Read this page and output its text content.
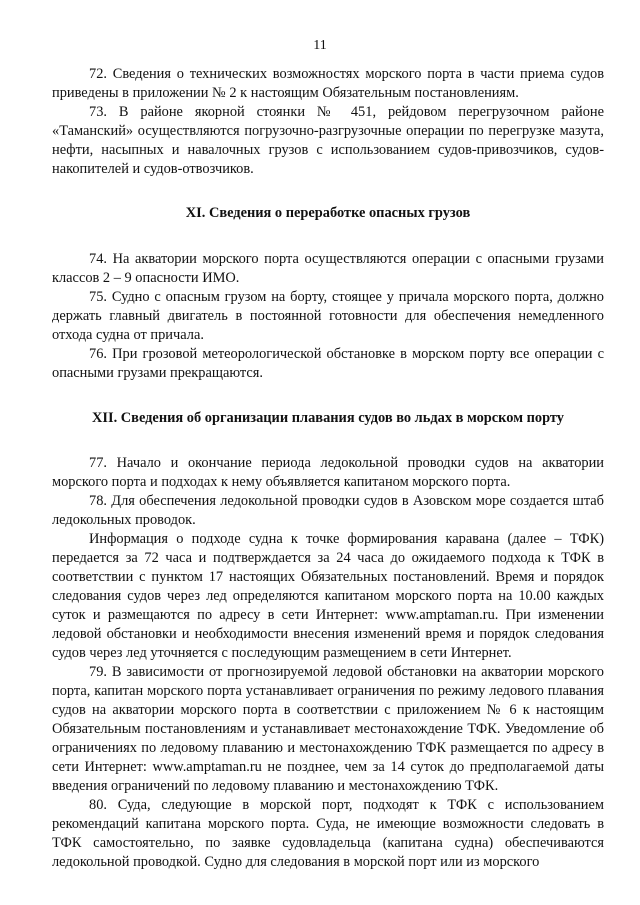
11

72. Сведения о технических возможностях морского порта в части приема судов приведены в приложении № 2 к настоящим Обязательным постановлениям.

73. В районе якорной стоянки № 451, рейдовом перегрузочном районе «Таманский» осуществляются погрузочно-разгрузочные операции по перегрузке мазута, нефти, насыпных и навалочных грузов с использованием судов-привозчиков, судов-накопителей и судов-отвозчиков.

XI. Сведения о переработке опасных грузов

74. На акватории морского порта осуществляются операции с опасными грузами классов 2 – 9 опасности ИМО.

75. Судно с опасным грузом на борту, стоящее у причала морского порта, должно держать главный двигатель в постоянной готовности для обеспечения немедленного отхода судна от причала.

76. При грозовой метеорологической обстановке в морском порту все операции с опасными грузами прекращаются.

XII. Сведения об организации плавания судов во льдах в морском порту

77. Начало и окончание периода ледокольной проводки судов на акватории морского порта и подходах к нему объявляется капитаном морского порта.

78. Для обеспечения ледокольной проводки судов в Азовском море создается штаб ледокольных проводок.

Информация о подходе судна к точке формирования каравана (далее – ТФК) передается за 72 часа и подтверждается за 24 часа до ожидаемого подхода к ТФК в соответствии с пунктом 17 настоящих Обязательных постановлений. Время и порядок следования судов через лед определяются капитаном морского порта на 10.00 каждых суток и размещаются по адресу в сети Интернет: www.amptaman.ru. При изменении ледовой обстановки и необходимости внесения изменений время и порядок следования судов через лед уточняется с последующим размещением в сети Интернет.

79. В зависимости от прогнозируемой ледовой обстановки на акватории морского порта, капитан морского порта устанавливает ограничения по режиму ледового плавания судов на акватории морского порта в соответствии с приложением № 6 к настоящим Обязательным постановлениям и устанавливает местонахождение ТФК. Уведомление об ограничениях по ледовому плаванию и местонахождению ТФК размещается по адресу в сети Интернет: www.amptaman.ru не позднее, чем за 14 суток до предполагаемой даты введения ограничений по ледовому плаванию и местонахождению ТФК.

80. Суда, следующие в морской порт, подходят к ТФК с использованием рекомендаций капитана морского порта. Суда, не имеющие возможности следовать в ТФК самостоятельно, по заявке судовладельца (капитана судна) обеспечиваются ледокольной проводкой. Судно для следования в морской порт или из морского
